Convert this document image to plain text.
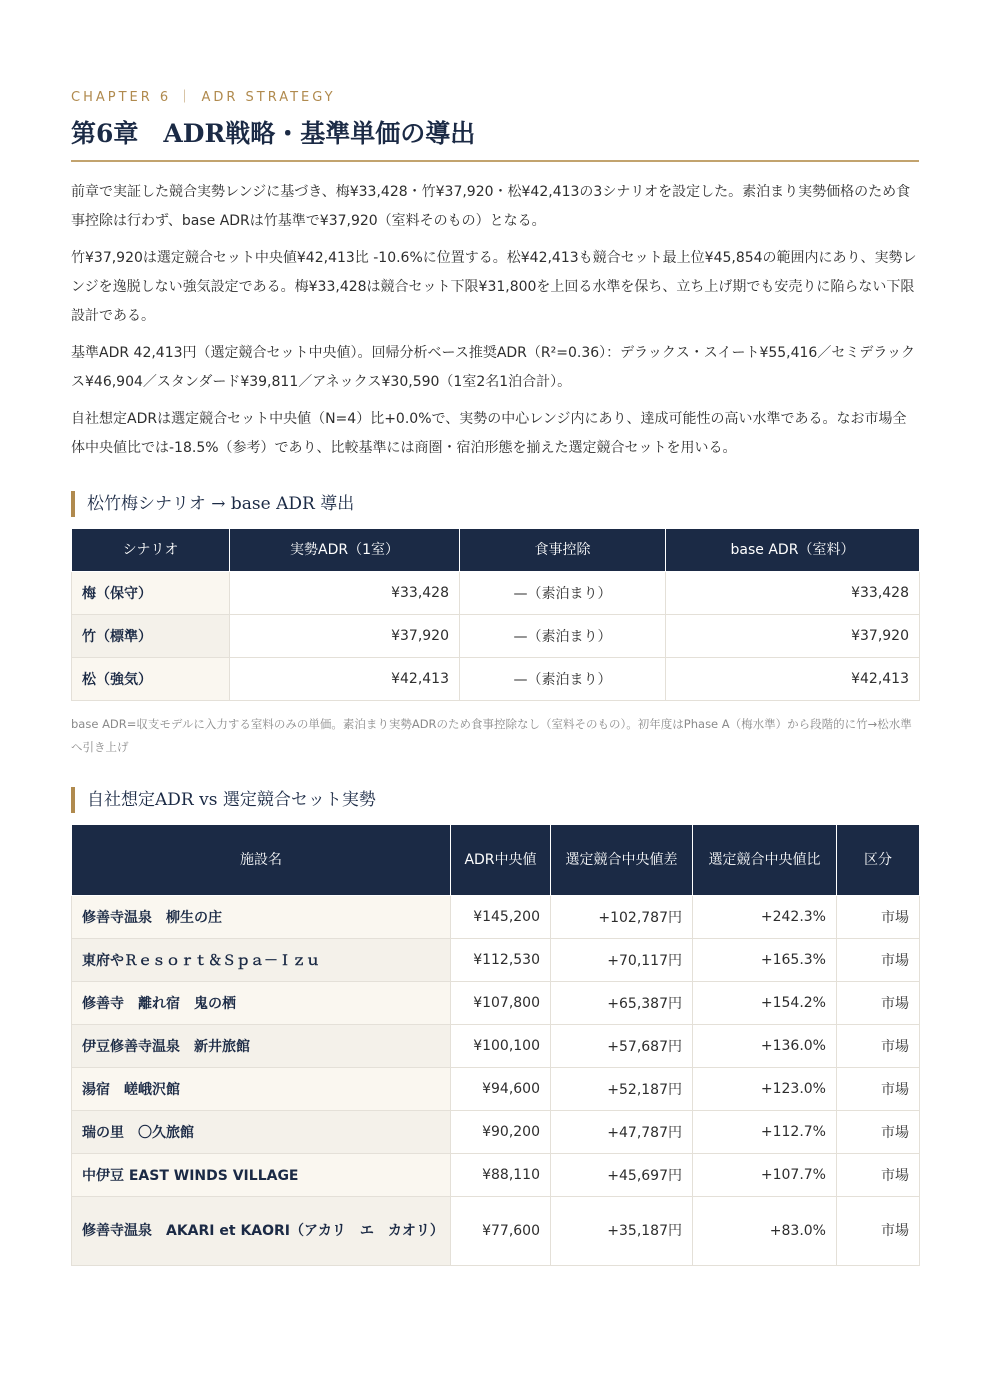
CHAPTER 6 ｜ ADR STRATEGY
第6章　ADR戦略・基準単価の導出

前章で実証した競合実勢レンジに基づき、梅¥33,428・竹¥37,920・松¥42,413の3シナリオを設定した。素泊まり実勢価格のため食事控除は行わず、base ADRは竹基準で¥37,920（室料そのもの）となる。

竹¥37,920は選定競合セット中央値¥42,413比 -10.6%に位置する。松¥42,413も競合セット最上位¥45,854の範囲内にあり、実勢レンジを逸脱しない強気設定である。梅¥33,428は競合セット下限¥31,800を上回る水準を保ち、立ち上げ期でも安売りに陥らない下限設計である。

基準ADR 42,413円（選定競合セット中央値）。回帰分析ベース推奨ADR（R²=0.36）：デラックス・スイート¥55,416／セミデラックス¥46,904／スタンダード¥39,811／アネックス¥30,590（1室2名1泊合計）。

自社想定ADRは選定競合セット中央値（N=4）比+0.0%で、実勢の中心レンジ内にあり、達成可能性の高い水準である。なお市場全体中央値比では-18.5%（参考）であり、比較基準には商圏・宿泊形態を揃えた選定競合セットを用いる。

松竹梅シナリオ → base ADR 導出
シナリオ	実勢ADR（1室）	食事控除	base ADR（室料）
梅（保守）	¥33,428	—（素泊まり）	¥33,428
竹（標準）	¥37,920	—（素泊まり）	¥37,920
松（強気）	¥42,413	—（素泊まり）	¥42,413

base ADR=収支モデルに入力する室料のみの単価。素泊まり実勢ADRのため食事控除なし（室料そのもの）。初年度はPhase A（梅水準）から段階的に竹→松水準へ引き上げ

自社想定ADR vs 選定競合セット実勢
施設名	ADR中央値	選定競合中央値差	選定競合中央値比	区分
修善寺温泉　柳生の庄	¥145,200	+102,787円	+242.3%	市場
東府やＲｅｓｏｒｔ＆Ｓｐａ－Ｉｚｕ	¥112,530	+70,117円	+165.3%	市場
修善寺　離れ宿　鬼の栖	¥107,800	+65,387円	+154.2%	市場
伊豆修善寺温泉　新井旅館	¥100,100	+57,687円	+136.0%	市場
湯宿　嵯峨沢館	¥94,600	+52,187円	+123.0%	市場
瑞の里　〇久旅館	¥90,200	+47,787円	+112.7%	市場
中伊豆 EAST WINDS VILLAGE	¥88,110	+45,697円	+107.7%	市場
修善寺温泉　AKARI et KAORI（アカリ　エ　カオリ）	¥77,600	+35,187円	+83.0%	市場
